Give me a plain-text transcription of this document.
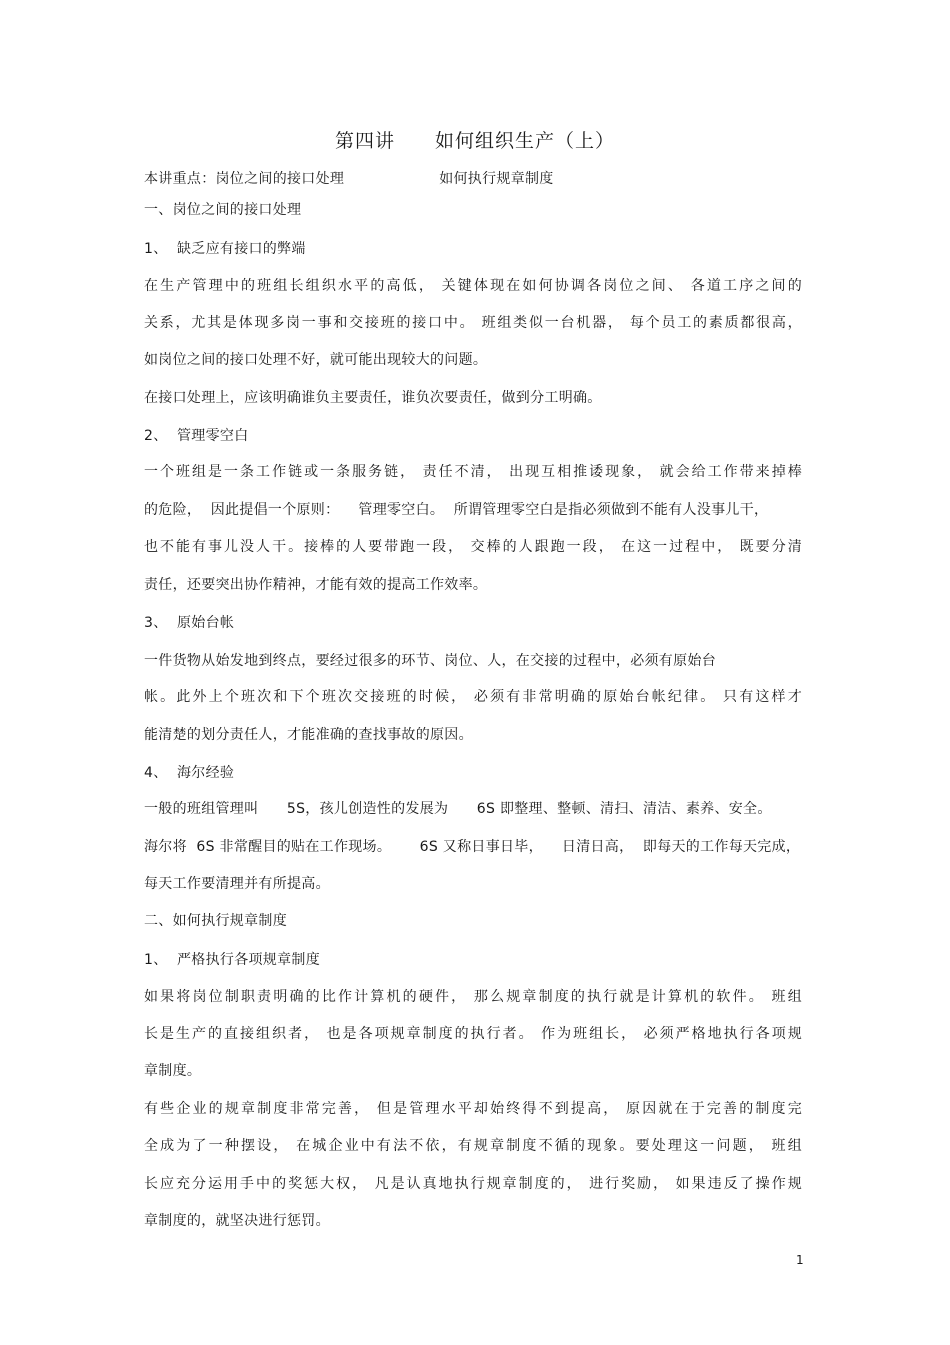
第四讲　　如何组织生产（上）
本讲重点：岗位之间的接口处理                    如何执行规章制度
一、岗位之间的接口处理
1、  缺乏应有接口的弊端
在生产管理中的班组长组织水平的高低， 关键体现在如何协调各岗位之间、 各道工序之间的
关系，尤其是体现多岗一事和交接班的接口中。 班组类似一台机器， 每个员工的素质都很高，
如岗位之间的接口处理不好，就可能出现较大的问题。
在接口处理上，应该明确谁负主要责任，谁负次要责任，做到分工明确。
2、  管理零空白
一个班组是一条工作链或一条服务链， 责任不清， 出现互相推诿现象， 就会给工作带来掉棒
的危险，  因此提倡一个原则：    管理零空白。  所谓管理零空白是指必须做到不能有人没事儿干，
也不能有事儿没人干。接棒的人要带跑一段， 交棒的人跟跑一段， 在这一过程中， 既要分清
责任，还要突出协作精神，才能有效的提高工作效率。
3、  原始台帐
一件货物从始发地到终点，要经过很多的环节、岗位、人，在交接的过程中，必须有原始台
帐。此外上个班次和下个班次交接班的时候， 必须有非常明确的原始台帐纪律。 只有这样才
能清楚的划分责任人，才能准确的查找事故的原因。
4、  海尔经验
一般的班组管理叫      5S，孩儿创造性的发展为      6S 即整理、整顿、清扫、清洁、素养、安全。
海尔将  6S 非常醒目的贴在工作现场。      6S 又称日事日毕，    日清日高，  即每天的工作每天完成，
每天工作要清理并有所提高。
二、如何执行规章制度
1、  严格执行各项规章制度
如果将岗位制职责明确的比作计算机的硬件， 那么规章制度的执行就是计算机的软件。 班组
长是生产的直接组织者， 也是各项规章制度的执行者。 作为班组长， 必须严格地执行各项规
章制度。
有些企业的规章制度非常完善， 但是管理水平却始终得不到提高， 原因就在于完善的制度完
全成为了一种摆设， 在城企业中有法不依，有规章制度不循的现象。要处理这一问题， 班组
长应充分运用手中的奖惩大权， 凡是认真地执行规章制度的， 进行奖励， 如果违反了操作规
章制度的，就坚决进行惩罚。
1
